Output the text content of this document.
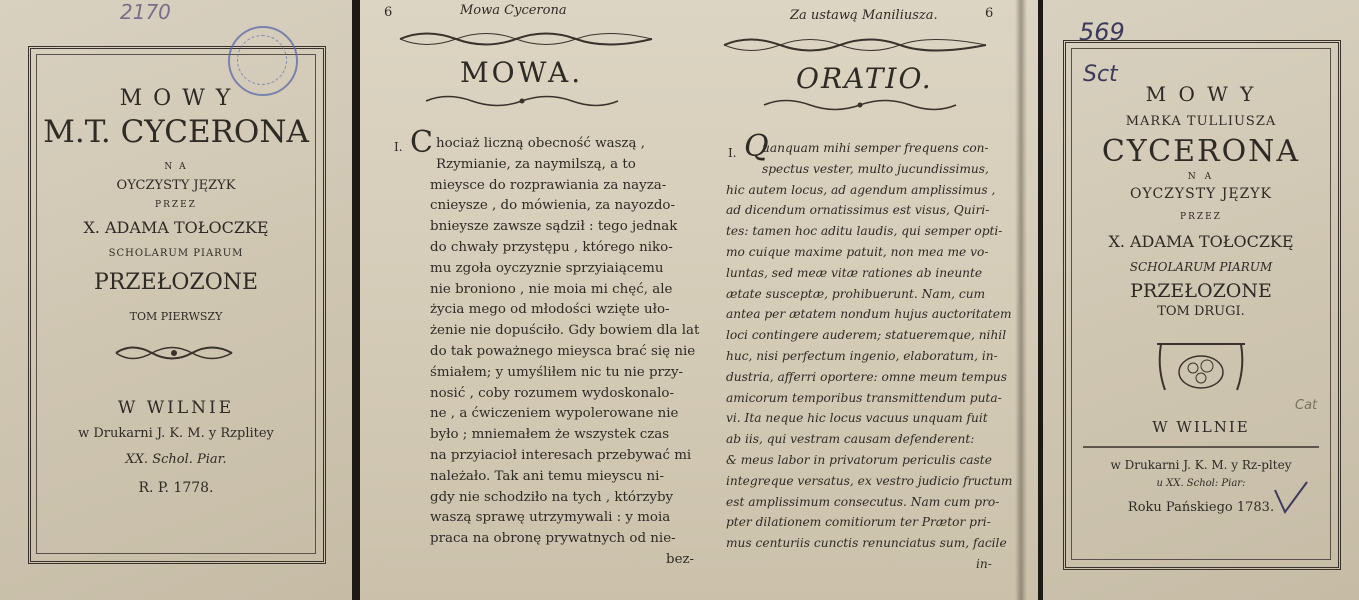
2170
M O W Y
M.T. CYCERONA
N A
OYCZYSTY JĘZYK
PRZEZ
X. ADAMA TOŁOCZKĘ
SCHOLARUM PIARUM
PRZEŁOZONE
TOM PIERWSZY
W WILNIE
w Drukarni J. K. M. y Rzplitey
XX. Schol. Piar.
R. P. 1778.
6	Mowa Cycerona
MOWA.
I. C hociaż liczną obecność waszą ,
Rzymianie, za naymilszą, a to
mieysce do rozprawiania za nayza-
cnieysze , do mówienia, za nayozdo-
bnieysze zawsze sądził : tego jednak
do chwały przystępu , którego niko-
mu zgoła oyczyznie sprzyiaiącemu
nie broniono , nie moia mi chęć, ale
życia mego od młodości wzięte uło-
żenie nie dopuściło. Gdy bowiem dla lat
do tak poważnego mieysca brać się nie
śmiałem; y umyśliłem nic tu nie przy-
nosić , coby rozumem wydoskonalo-
ne , a ćwiczeniem wypolerowane nie
było ; mniemałem że wszystek czas
na przyiacioł interesach przebywać mi
należało. Tak ani temu mieyscu ni-
gdy nie schodziło na tych , którzyby
waszą sprawę utrzymywali : y moia
praca na obronę prywatnych od nie-
bez-
Za ustawą Maniliusza.	6
ORATIO.
I. Q
uanquam mihi semper frequens con-
spectus vester, multo jucundissimus,
hic autem locus, ad agendum amplissimus ,
ad dicendum ornatissimus est visus, Quiri-
tes: tamen hoc aditu laudis, qui semper opti-
mo cuique maxime patuit, non mea me vo-
luntas, sed meæ vitæ rationes ab ineunte
ætate susceptæ, prohibuerunt. Nam, cum
antea per ætatem nondum hujus auctoritatem
loci contingere auderem; statueremque, nihil
huc, nisi perfectum ingenio, elaboratum, in-
dustria, afferri oportere: omne meum tempus
amicorum temporibus transmittendum puta-
vi. Ita neque hic locus vacuus unquam fuit
ab iis, qui vestram causam defenderent:
& meus labor in privatorum periculis caste
integreque versatus, ex vestro judicio fructum
est amplissimum consecutus. Nam cum pro-
pter dilationem comitiorum ter Prætor pri-
mus centuriis cunctis renunciatus sum, facile
in-
569
Sct
M O W Y
MARKA TULLIUSZA
CYCERONA
N A
OYCZYSTY JĘZYK
PRZEZ
X. ADAMA TOŁOCZKĘ
SCHOLARUM PIARUM
PRZEŁOZONE
TOM DRUGI.
Cat
W WILNIE
w Drukarni J. K. M. y Rz-pltey
u XX. Schol: Piar:
Roku Pańskiego 1783.
